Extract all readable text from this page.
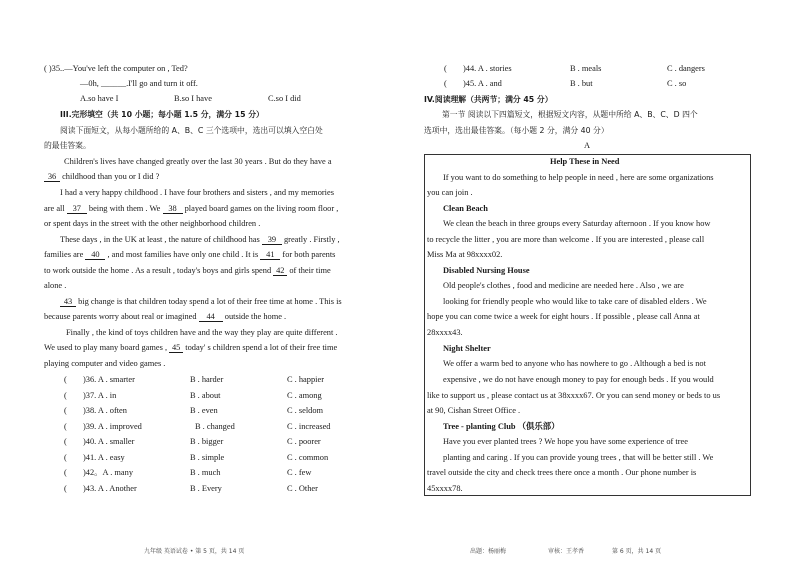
( )35..—You've left the computer on , Ted?
—0h, ______.I'll go and turn it off.
A.so have I	B.so I have	C.so I did
III.完形填空（共 10 小题；每小题 1.5 分，满分 15 分）
阅读下面短文，从每小题所给的 A、B、C 三个选项中，选出可以填入空白处
的最佳答案。
Children's lives have changed greatly over the last 30 years . But do they have a
36 childhood than you or I did ?
I had a very happy childhood . I have four brothers and sisters , and my memories
are all 37 being with them . We 38 played board games on the living room floor ,
or spent days in the street with the other neighborhood children .
These days , in the UK at least , the nature of childhood has 39 greatly . Firstly ,
families are 40 , and most families have only one child . It is 41 for both parents
to work outside the home . As a result , today's boys and girls spend 42 of their time
alone .
43 big change is that children today spend a lot of their free time at home . This is
because parents worry about real or imagined 44 outside the home .
Finally , the kind of toys children have and the way they play are quite different .
We used to play many board games , 45 today' s children spend a lot of their free time
playing computer and video games .
( )36. A . smarter	B . harder	C . happier
( )37. A . in	B . about	C . among
( )38. A . often	B . even	C . seldom
( )39. A . improved	B . changed	C . increased
( )40. A . smaller	B . bigger	C . poorer
( )41. A . easy	B . simple	C . common
( )42。A . many	B . much	C . few
( )43. A . Another	B . Every	C . Other
九年级 英语试卷 • 第 5 页，共 14 页
( )44. A . stories	B . meals	C . dangers
( )45. A . and	B . but	C . so
IV.阅读理解（共两节；满分 45 分）
第一节 阅读以下四篇短文，根据短文内容，从题中所给 A、B、C、D 四个
选项中，选出最佳答案。（每小题 2 分，满分 40 分）
A
Help These in Need
If you want to do something to help people in need , here are some organizations
you can join .
Clean Beach
We clean the beach in three groups every Saturday afternoon . If you know how
to recycle the litter , you are more than welcome . If you are interested , please call
Miss Ma at 98xxxx02.
Disabled Nursing House
Old people's clothes , food and medicine are needed here . Also , we are
looking for friendly people who would like to take care of disabled elders . We
hope you can come twice a week for eight hours . If possible , please call Anna at
28xxxx43.
Night Shelter
We offer a warm bed to anyone who has nowhere to go . Although a bed is not
expensive , we do not have enough money to pay for enough beds . If you would
like to support us , please contact us at 38xxxx67. Or you can send money or beds to us
at 90, Cishan Street Office .
Tree - planting Club （俱乐部）
Have you ever planted trees ? We hope you have some experience of tree
planting and caring . If you can provide young trees , that will be better still . We
travel outside the city and check trees there once a month . Our phone number is
45xxxx78.
出题：杨丽梅	审核：王孝香	第 6 页，共 14 页
